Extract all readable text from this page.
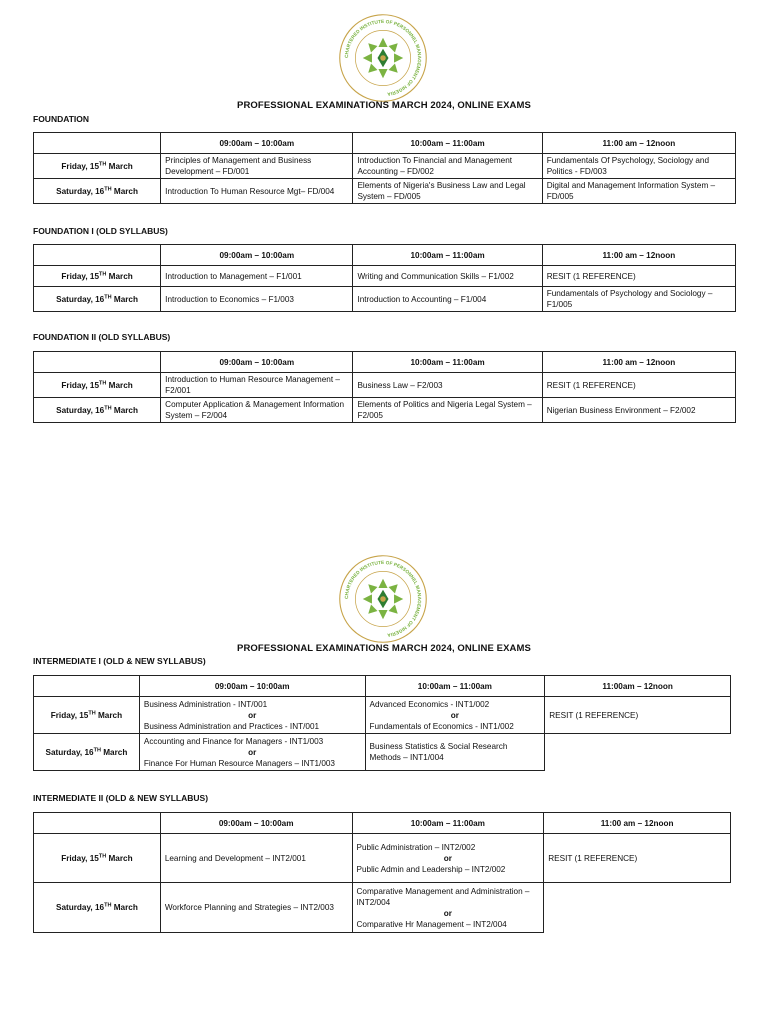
CHARTERED INSTITUTE OF PERSONNEL MANAGEMENT OF NIGERIA
PROFESSIONAL EXAMINATIONS MARCH 2024, ONLINE EXAMS
FOUNDATION
	09:00am – 10:00am	10:00am – 11:00am	11:00 am – 12noon
Friday, 15TH March	Principles of Management and Business Development – FD/001	Introduction To Financial and Management Accounting – FD/002	Fundamentals Of Psychology, Sociology and Politics - FD/003
Saturday, 16TH March	Introduction To Human Resource Mgt– FD/004	Elements of Nigeria's Business Law and Legal System – FD/005	Digital and Management Information System – FD/005
FOUNDATION I (OLD SYLLABUS)
	09:00am – 10:00am	10:00am – 11:00am	11:00 am – 12noon
Friday, 15TH March	Introduction to Management – F1/001	Writing and Communication Skills – F1/002	RESIT (1 REFERENCE)
Saturday, 16TH March	Introduction to Economics – F1/003	Introduction to Accounting – F1/004	Fundamentals of Psychology and Sociology – F1/005
FOUNDATION II (OLD SYLLABUS)
	09:00am – 10:00am	10:00am – 11:00am	11:00 am – 12noon
Friday, 15TH March	Introduction to Human Resource Management – F2/001	Business Law – F2/003	RESIT (1 REFERENCE)
Saturday, 16TH March	Computer Application & Management Information System – F2/004	Elements of Politics and Nigeria Legal System – F2/005	Nigerian Business Environment – F2/002
CHARTERED INSTITUTE OF PERSONNEL MANAGEMENT OF NIGERIA
PROFESSIONAL EXAMINATIONS MARCH 2024, ONLINE EXAMS
INTERMEDIATE I (OLD & NEW SYLLABUS)
	09:00am – 10:00am	10:00am – 11:00am	11:00am – 12noon
Friday, 15TH March	Business Administration - INT/001
or
Business Administration and Practices - INT/001	Advanced Economics - INT1/002
or
Fundamentals of Economics - INT1/002	RESIT (1 REFERENCE)
Saturday, 16TH March	Accounting and Finance for Managers - INT1/003
or
Finance For Human Resource Managers – INT1/003	Business Statistics & Social Research Methods – INT1/004	
INTERMEDIATE II (OLD & NEW SYLLABUS)
	09:00am – 10:00am	10:00am – 11:00am	11:00 am – 12noon
Friday, 15TH March	Learning and Development – INT2/001	Public Administration – INT2/002
or
Public Admin and Leadership – INT2/002	RESIT (1 REFERENCE)
Saturday, 16TH March	Workforce Planning and Strategies – INT2/003	Comparative Management and Administration – INT2/004
or
Comparative Hr Management – INT2/004	
